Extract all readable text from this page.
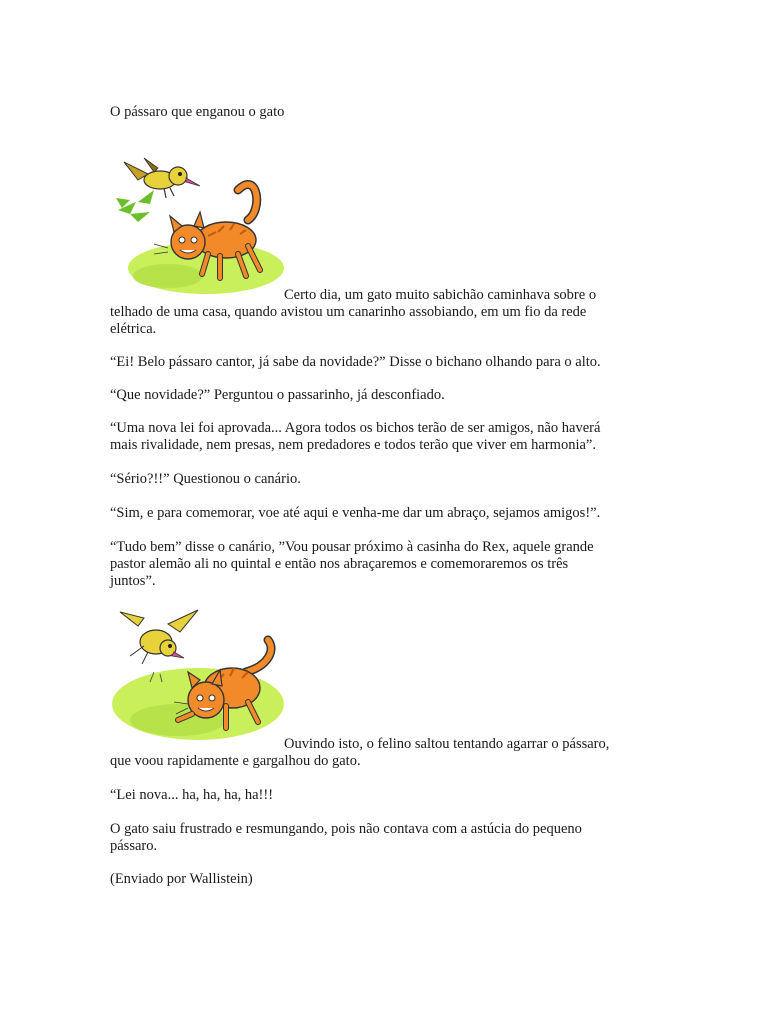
O pássaro que enganou o gato
Certo dia, um gato muito sabichão caminhava sobre o
telhado de uma casa, quando avistou um canarinho assobiando, em um fio da rede
elétrica.
“Ei! Belo pássaro cantor, já sabe da novidade?” Disse o bichano olhando para o alto.
“Que novidade?” Perguntou o passarinho, já desconfiado.
“Uma nova lei foi aprovada... Agora todos os bichos terão de ser amigos, não haverá
mais rivalidade, nem presas, nem predadores e todos terão que viver em harmonia”.
“Sério?!!” Questionou o canário.
“Sim, e para comemorar, voe até aqui e venha-me dar um abraço, sejamos amigos!”.
“Tudo bem” disse o canário, ”Vou pousar próximo à casinha do Rex, aquele grande
pastor alemão ali no quintal e então nos abraçaremos e comemoraremos os três
juntos”.
Ouvindo isto, o felino saltou tentando agarrar o pássaro,
que voou rapidamente e gargalhou do gato.
“Lei nova... ha, ha, ha, ha!!!
O gato saiu frustrado e resmungando, pois não contava com a astúcia do pequeno
pássaro.
(Enviado por Wallistein)
